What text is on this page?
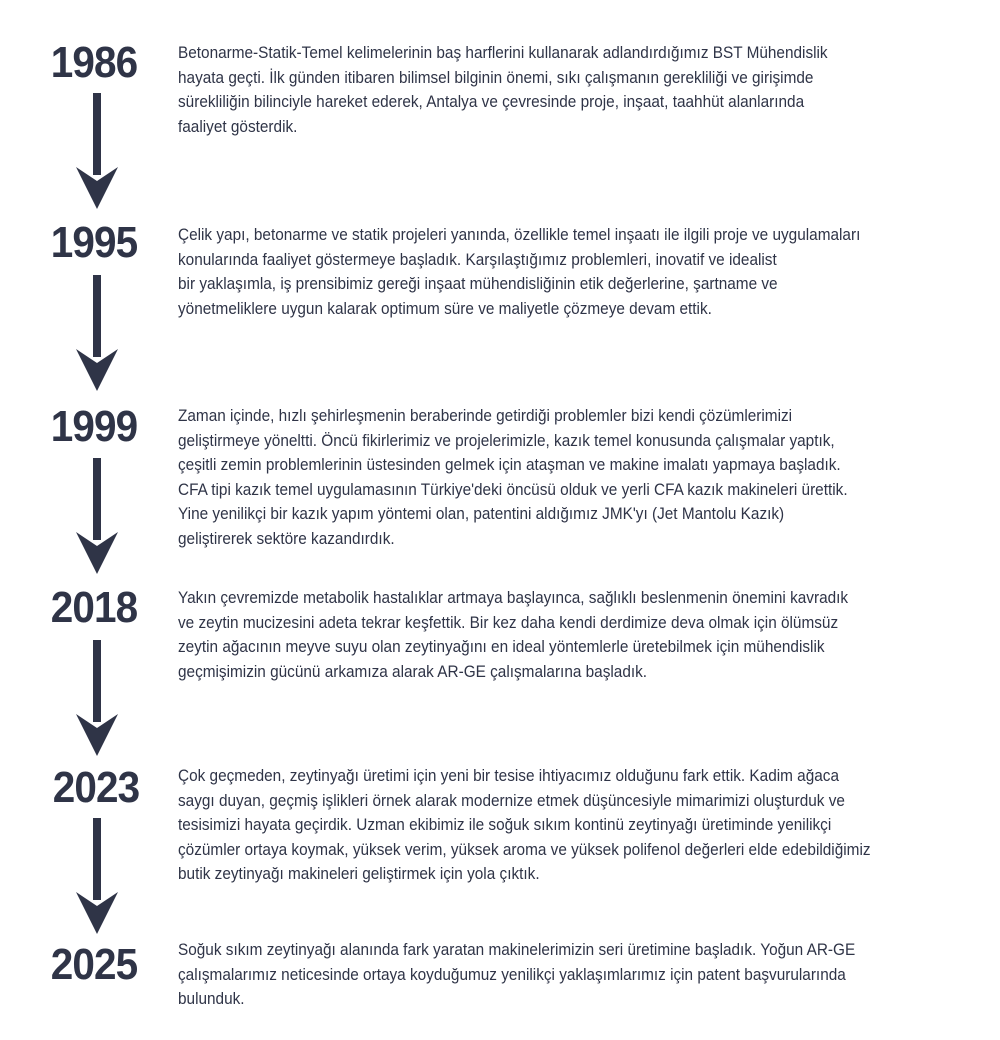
1986	Betonarme-Statik-Temel kelimelerinin baş harflerini kullanarak adlandırdığımız BST Mühendislik
hayata geçti. İlk günden itibaren bilimsel bilginin önemi, sıkı çalışmanın gerekliliği ve girişimde
sürekliliğin bilinciyle hareket ederek, Antalya ve çevresinde proje, inşaat, taahhüt alanlarında
faaliyet gösterdik.

1995	Çelik yapı, betonarme ve statik projeleri yanında, özellikle temel inşaatı ile ilgili proje ve uygulamaları
konularında faaliyet göstermeye başladık. Karşılaştığımız problemleri, inovatif ve idealist
bir yaklaşımla, iş prensibimiz gereği inşaat mühendisliğinin etik değerlerine, şartname ve
yönetmeliklere uygun kalarak optimum süre ve maliyetle çözmeye devam ettik.

1999	Zaman içinde, hızlı şehirleşmenin beraberinde getirdiği problemler bizi kendi çözümlerimizi
geliştirmeye yöneltti. Öncü fikirlerimiz ve projelerimizle, kazık temel konusunda çalışmalar yaptık,
çeşitli zemin problemlerinin üstesinden gelmek için ataşman ve makine imalatı yapmaya başladık.
CFA tipi kazık temel uygulamasının Türkiye'deki öncüsü olduk ve yerli CFA kazık makineleri ürettik.
Yine yenilikçi bir kazık yapım yöntemi olan, patentini aldığımız JMK'yı (Jet Mantolu Kazık)
geliştirerek sektöre kazandırdık.

2018	Yakın çevremizde metabolik hastalıklar artmaya başlayınca, sağlıklı beslenmenin önemini kavradık
ve zeytin mucizesini adeta tekrar keşfettik. Bir kez daha kendi derdimize deva olmak için ölümsüz
zeytin ağacının meyve suyu olan zeytinyağını en ideal yöntemlerle üretebilmek için mühendislik
geçmişimizin gücünü arkamıza alarak AR-GE çalışmalarına başladık.

2023	Çok geçmeden, zeytinyağı üretimi için yeni bir tesise ihtiyacımız olduğunu fark ettik. Kadim ağaca
saygı duyan, geçmiş işlikleri örnek alarak modernize etmek düşüncesiyle mimarimizi oluşturduk ve
tesisimizi hayata geçirdik. Uzman ekibimiz ile soğuk sıkım kontinü zeytinyağı üretiminde yenilikçi
çözümler ortaya koymak, yüksek verim, yüksek aroma ve yüksek polifenol değerleri elde edebildiğimiz
butik zeytinyağı makineleri geliştirmek için yola çıktık.

2025	Soğuk sıkım zeytinyağı alanında fark yaratan makinelerimizin seri üretimine başladık. Yoğun AR-GE
çalışmalarımız neticesinde ortaya koyduğumuz yenilikçi yaklaşımlarımız için patent başvurularında
bulunduk.
